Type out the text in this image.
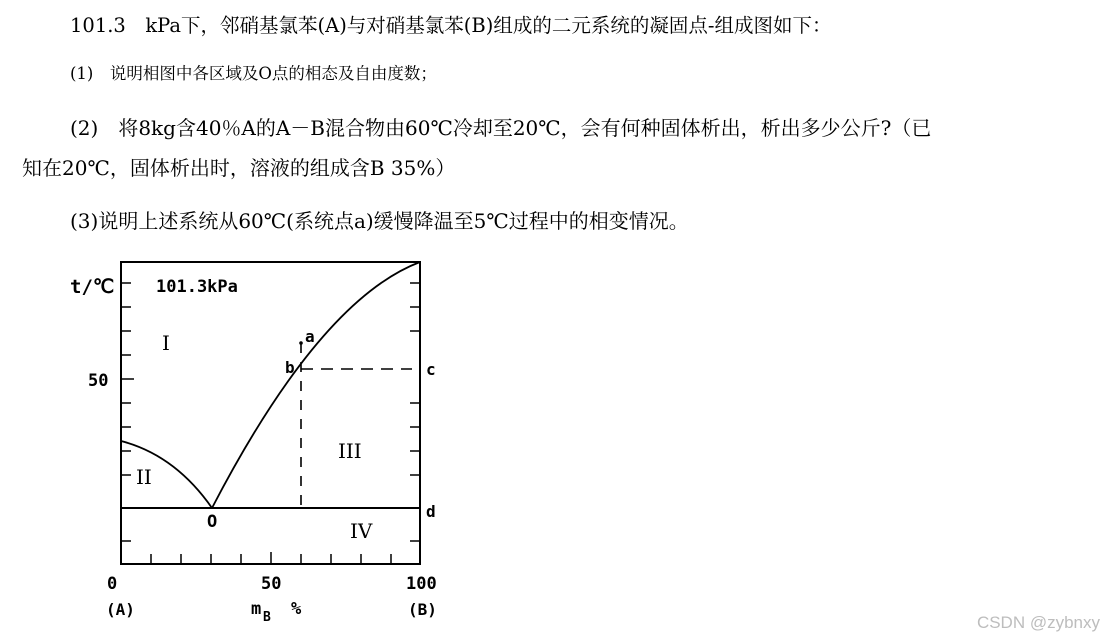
101.3　kPa下，邻硝基氯苯(A)与对硝基氯苯(B)组成的二元系统的凝固点-组成图如下：
(1)　说明相图中各区域及O点的相态及自由度数；
(2)　将8kg含40％A的A－B混合物由60℃冷却至20℃，会有何种固体析出，析出多少公斤?（已
知在20℃，固体析出时，溶液的组成含B 35%）
(3)说明上述系统从60℃(系统点a)缓慢降温至5℃过程中的相变情况。
t/℃ 101.3kPa
50
I
II
III
IV
a
b	c
d
O
0	50	100
(A)	(B)
m B %
CSDN @zybnxy
